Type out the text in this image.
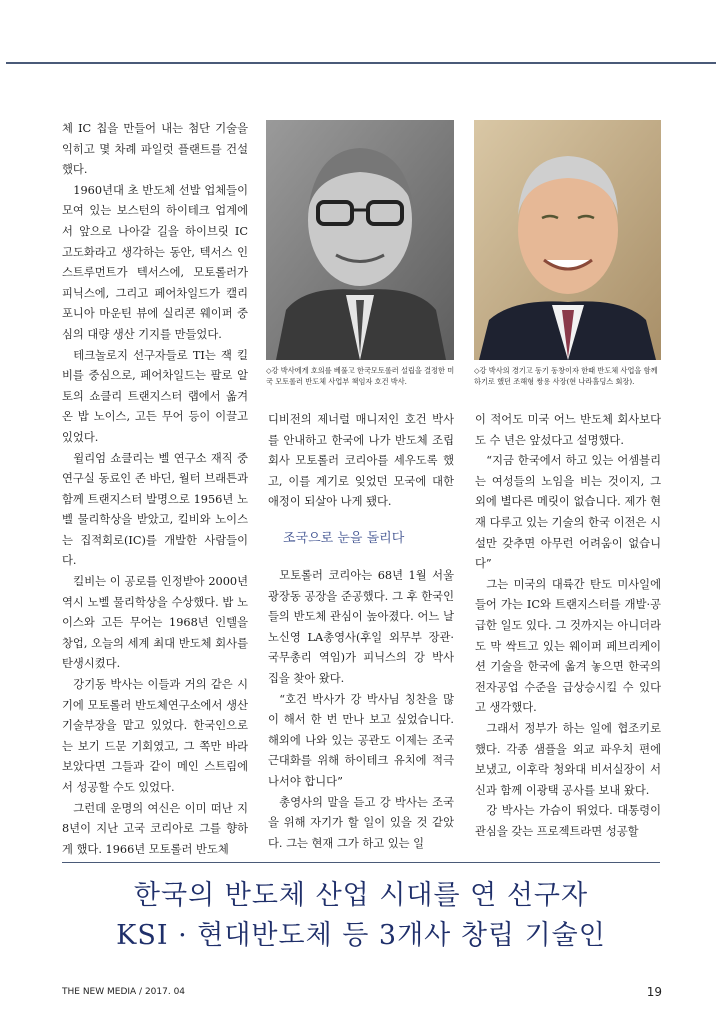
체 IC 칩을 만들어 내는 첨단 기술을 익히고 몇 차례 파일럿 플랜트를 건설했다.

1960년대 초 반도체 선발 업체들이 모여 있는 보스턴의 하이테크 업계에서 앞으로 나아갈 길을 하이브릿 IC 고도화라고 생각하는 동안, 텍서스 인스트루먼트가 텍서스에, 모토롤러가 피닉스에, 그리고 페어차일드가 캘리포니아 마운틴 뷰에 실리콘 웨이퍼 중심의 대량 생산 기지를 만들었다.

테크놀로지 선구자들로 TI는 잭 킬비를 중심으로, 페어차일드는 팔로 알토의 쇼클리 트랜지스터 랩에서 옮겨 온 밥 노이스, 고든 무어 등이 이끌고 있었다.

윌리엄 쇼클리는 벨 연구소 재직 중 연구실 동료인 존 바딘, 월터 브래튼과 함께 트랜지스터 발명으로 1956년 노벨 물리학상을 받았고, 킬비와 노이스는 집적회로(IC)를 개발한 사람들이다.

킬비는 이 공로를 인정받아 2000년 역시 노벨 물리학상을 수상했다. 밥 노이스와 고든 무어는 1968년 인텔을 창업, 오늘의 세계 최대 반도체 회사를 탄생시켰다.

강기동 박사는 이들과 거의 같은 시기에 모토롤러 반도체연구소에서 생산기술부장을 맡고 있었다. 한국인으로는 보기 드문 기회였고, 그 쪽만 바라 보았다면 그들과 같이 메인 스트림에서 성공할 수도 있었다.

그런데 운명의 여신은 이미 떠난 지 8년이 지난 고국 코리아로 그를 향하게 했다. 1966년 모토롤러 반도체

◇강 박사에게 호의를 베풀고 한국모토롤러 설립을 결정한 미국 모토롤러 반도체 사업부 책임자 호건 박사.
◇강 박사의 경기고 동기 동창이자 한때 반도체 사업을 함께 하기로 했던 조해형 쌍용 사장(현 나라홀딩스 회장).

디비전의 제너럴 매니저인 호건 박사를 안내하고 한국에 나가 반도체 조립 회사 모토롤러 코리아를 세우도록 했고, 이를 계기로 잊었던 모국에 대한 애정이 되살아 나게 됐다.

조국으로 눈을 돌리다

모토롤러 코리아는 68년 1월 서울 광장동 공장을 준공했다. 그 후 한국인들의 반도체 관심이 높아졌다. 어느 날 노신영 LA총영사(후일 외무부 장관·국무총리 역임)가 피닉스의 강 박사 집을 찾아 왔다.

“호건 박사가 강 박사님 칭찬을 많이 해서 한 번 만나 보고 싶었습니다. 해외에 나와 있는 공관도 이제는 조국 근대화를 위해 하이테크 유치에 적극 나서야 합니다”

총영사의 말을 듣고 강 박사는 조국을 위해 자기가 할 일이 있을 것 같았다. 그는 현재 그가 하고 있는 일

이 적어도 미국 어느 반도체 회사보다도 수 년은 앞섰다고 설명했다.

“지금 한국에서 하고 있는 어셈블리는 여성들의 노임을 비는 것이지, 그 외에 별다른 메릿이 없습니다. 제가 현재 다루고 있는 기술의 한국 이전은 시설만 갖추면 아무런 어려움이 없습니다”

그는 미국의 대륙간 탄도 미사일에 들어 가는 IC와 트랜지스터를 개발·공급한 일도 있다. 그 것까지는 아니더라도 막 싹트고 있는 웨이퍼 페브리케이션 기술을 한국에 옮겨 놓으면 한국의 전자공업 수준을 급상승시킬 수 있다고 생각했다.

그래서 정부가 하는 일에 협조키로 했다. 각종 샘플을 외교 파우치 편에 보냈고, 이후락 청와대 비서실장이 서신과 함께 이광택 공사를 보내 왔다.

강 박사는 가슴이 뛰었다. 대통령이 관심을 갖는 프로젝트라면 성공할

한국의 반도체 산업 시대를 연 선구자
KSI · 현대반도체 등 3개사 창립 기술인
THE NEW MEDIA / 2017. 04	19
